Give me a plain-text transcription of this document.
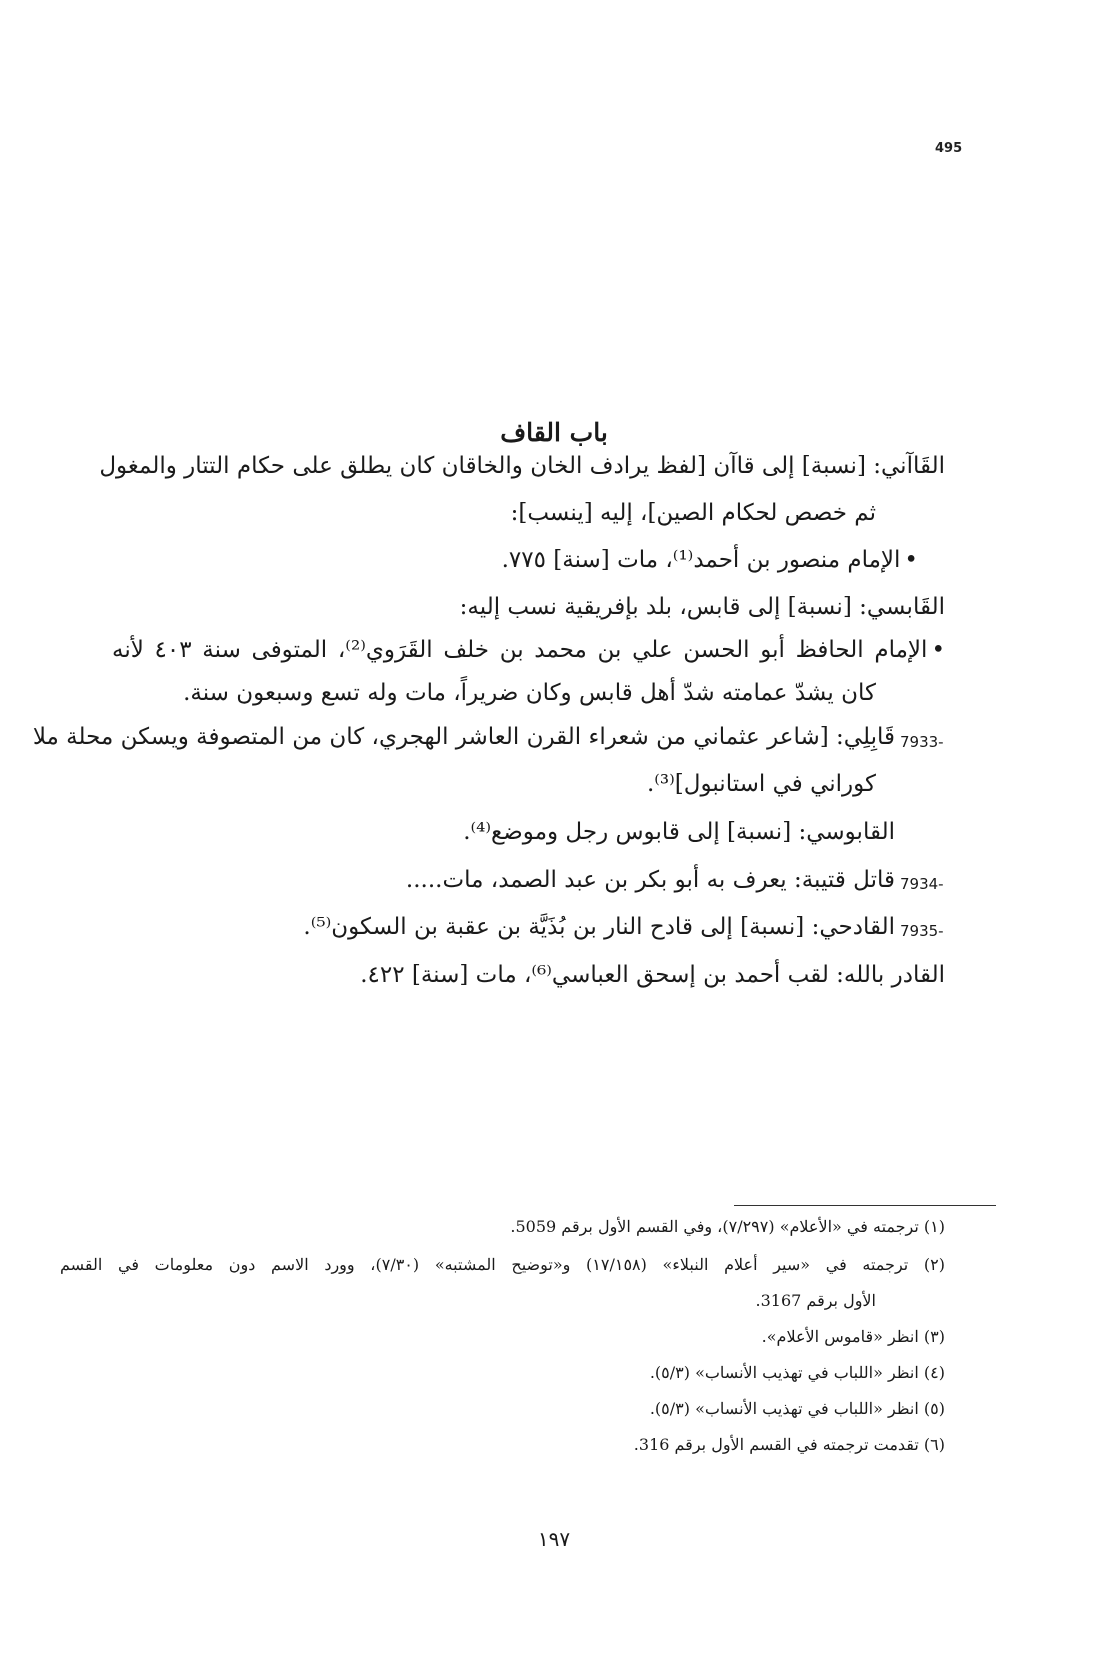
495
باب القاف
القَاآني: [نسبة] إلى قاآن [لفظ يرادف الخان والخاقان كان يطلق على حكام التتار والمغول
ثم خصص لحكام الصين]، إليه [ينسب]:
•الإمام منصور بن أحمد⁽¹⁾، مات [سنة] ٧٧٥.
القَابسي: [نسبة] إلى قابس، بلد بإفريقية نسب إليه:
•الإمام الحافظ أبو الحسن علي بن محمد بن خلف القَرَوي⁽²⁾، المتوفى سنة ٤٠٣ لأنه
كان يشدّ عمامته شدّ أهل قابس وكان ضريراً، مات وله تسع وسبعون سنة.
7933-
قَابِلِي: [شاعر عثماني من شعراء القرن العاشر الهجري، كان من المتصوفة ويسكن محلة ملا
كوراني في استانبول]⁽³⁾.
القابوسي: [نسبة] إلى قابوس رجل وموضع⁽⁴⁾.
7934-
قاتل قتيبة: يعرف به أبو بكر بن عبد الصمد، مات.....
7935-
القادحي: [نسبة] إلى قادح النار بن بُذَيَّة بن عقبة بن السكون⁽⁵⁾.
القادر بالله: لقب أحمد بن إسحق العباسي⁽⁶⁾، مات [سنة] ٤٢٢.
(١) ترجمته في «الأعلام» (٧/٢٩٧)، وفي القسم الأول برقم 5059.
(٢) ترجمته في «سير أعلام النبلاء» (١٧/١٥٨) و«توضيح المشتبه» (٧/٣٠)، وورد الاسم دون معلومات في القسم
الأول برقم 3167.
(٣) انظر «قاموس الأعلام».
(٤) انظر «اللباب في تهذيب الأنساب» (٥/٣).
(٥) انظر «اللباب في تهذيب الأنساب» (٥/٣).
(٦) تقدمت ترجمته في القسم الأول برقم 316.
١٩٧
